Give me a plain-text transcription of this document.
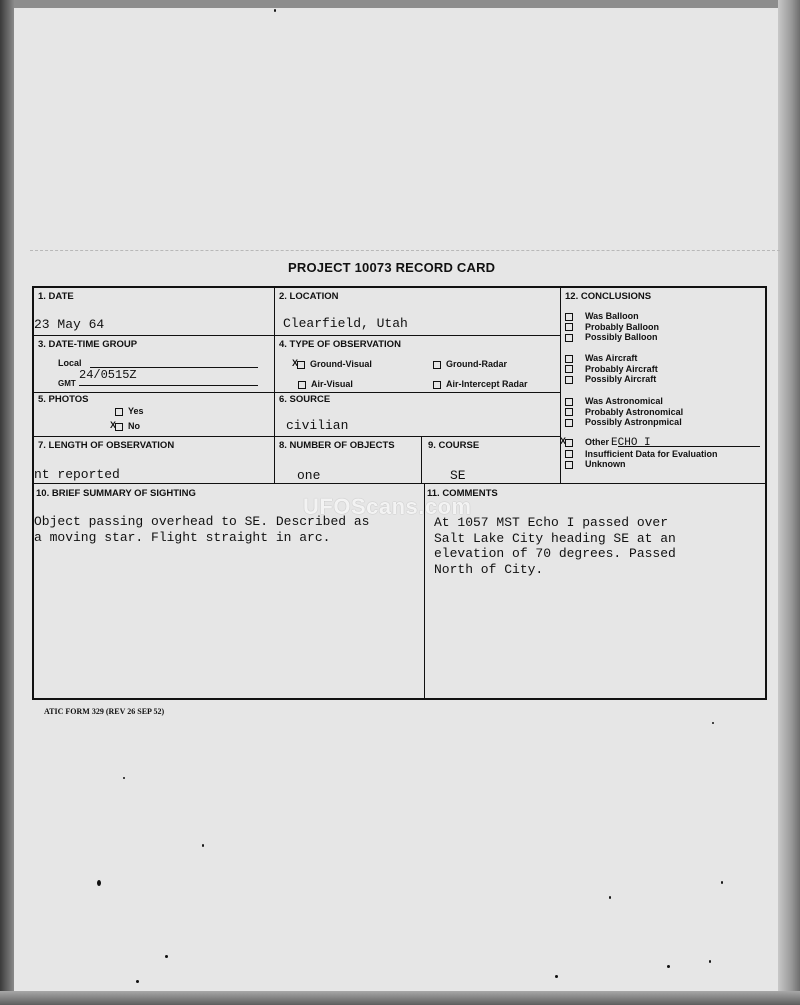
PROJECT 10073 RECORD CARD
1. DATE
23 May 64
2. LOCATION
Clearfield, Utah
3. DATE-TIME GROUP
Local
GMT
24/0515Z
4. TYPE OF OBSERVATION
XGround-Visual	Ground-Radar
Air-Visual	Air-Intercept Radar
5. PHOTOS
Yes
XNo
6. SOURCE
civilian
7. LENGTH OF OBSERVATION
nt reported
8. NUMBER OF OBJECTS
one
9. COURSE
SE
12. CONCLUSIONS
Was Balloon
Probably Balloon
Possibly Balloon
Was Aircraft
Probably Aircraft
Possibly Aircraft
Was Astronomical
Probably Astronomical
Possibly Astronpmical
XOther ECHO I
Insufficient Data for Evaluation
Unknown
10. BRIEF SUMMARY OF SIGHTING
Object passing overhead to SE. Described as
a moving star. Flight straight in arc.
11. COMMENTS
At 1057 MST Echo I passed over
Salt Lake City heading SE at an
elevation of 70 degrees. Passed
North of City.
UFOScans.com
ATIC FORM 329 (REV 26 SEP 52)
